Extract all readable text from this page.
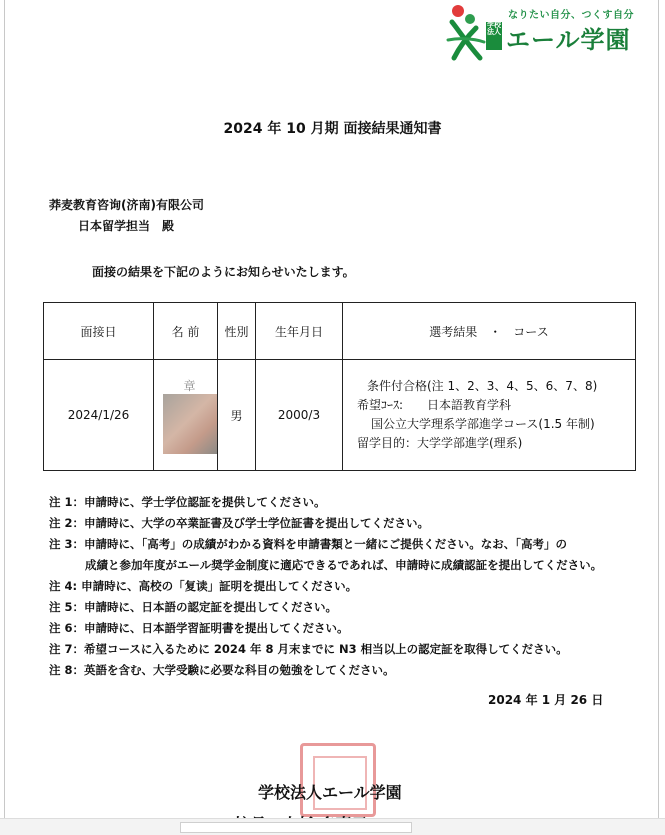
なりたい自分、つくす自分
学校
法人 エール学園
2024 年 10 月期 面接結果通知書
莽麦教育咨询(济南)有限公司
日本留学担当　殿
面接の結果を下記のようにお知らせいたします。
面接日	名 前	性別	生年月日	選考結果　・　コース
2024/1/26	章	男	2000/3	条件付合格(注 1、2、3、4、5、6、7、8)
希望ｺｰｽ:　　日本語教育学科
国公立大学理系学部進学コース(1.5 年制)
留学目的：大学学部進学(理系)
注 1：申請時に、学士学位認証を提供してください。
注 2：申請時に、大学の卒業証書及び学士学位証書を提出してください。
注 3：申請時に、「高考」の成績がわかる資料を申請書類と一緒にご提供ください。なお、「高考」の
成績と参加年度がエール奨学金制度に適応できるであれば、申請時に成績認証を提出してください。
注 4: 申請時に、高校の「复读」証明を提出してください。
注 5：申請時に、日本語の認定証を提出してください。
注 6：申請時に、日本語学習証明書を提出してください。
注 7：希望コースに入るために 2024 年 8 月末までに N3 相当以上の認定証を取得してください。
注 8：英語を含む、大学受験に必要な科目の勉強をしてください。
2024 年 1 月 26 日
学校法人エール学園
